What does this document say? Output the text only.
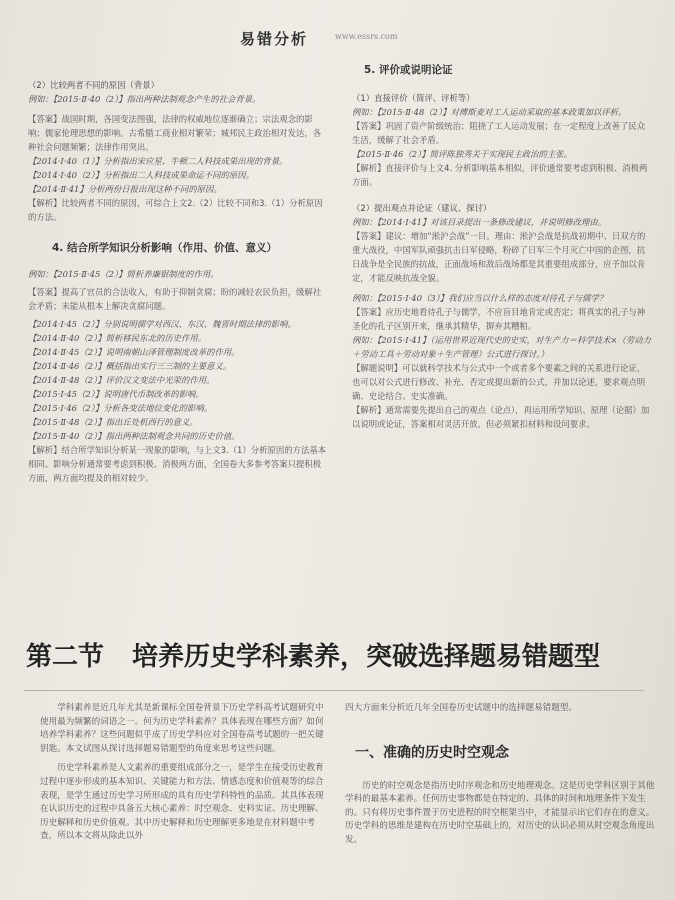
易错分析	www.essrs.com

（2）比较两者不同的原因（背景）

例如：【2015·Ⅱ·40（2）】指出两种法制观念产生的社会背景。

【答案】战国时期，各国变法图强，法律的权威地位逐渐确立；宗法观念的影响；儒家伦理思想的影响。古希腊工商业相对繁荣；城邦民主政治相对发达，各种社会问题频繁；法律作用突出。

【2014·Ⅰ·40（1）】分析指出宋应星、牛顿二人科技成果出现的背景。

【2014·Ⅰ·40（2）】分析指出二人科技成果命运不同的原因。

【2014·Ⅱ·41】分析两份日报出现这种不同的原因。

【解析】比较两者不同的原因，可综合上文2.（2）比较不同和3.（1）分析原因的方法。

4. 结合所学知识分析影响（作用、价值、意义）

例如：【2015·Ⅱ·45（2）】简析养廉银制度的作用。

【答案】提高了官员的合法收入，有助于抑制贪腐；盼的减轻农民负担，缓解社会矛盾；未能从根本上解决贪腐问题。

【2014·Ⅰ·45（2）】分别说明儒学对西汉、东汉、魏晋时期法律的影响。

【2014·Ⅱ·40（2）】简析移民东北的历史作用。

【2014·Ⅱ·45（2）】说明南朝山泽管理制度改革的作用。

【2014·Ⅱ·46（2）】概括指出实行三三制的主要意义。

【2014·Ⅱ·48（2）】评价汉文变法中光荣的作用。

【2015·Ⅰ·45（2）】说明唐代币制改革的影响。

【2015·Ⅰ·46（2）】分析各变法地位变化的影响。

【2015·Ⅱ·48（2）】指出丘处机西行的意义。

【2015·Ⅱ·40（2）】指出两种法制观念共同的历史价值。

【解析】结合所学知识分析某一现象的影响，与上文3.（1）分析原因的方法基本相同。影响分析通常要考虑到积极、消极两方面，全国卷大多参考答案只提积极方面，两方面均提及的相对较少。

5. 评价或说明论证

（1）直接评价（简评、评析等）

例如：【2015·Ⅱ·48（2）】对傅斯麦对工人运动采取的基本政策加以评析。

【答案】巩固了资产阶级统治；阻挠了工人运动发展；在一定程度上改善了民众生活，缓解了社会矛盾。

【2015·Ⅱ·46（2）】简评陈独秀关于实现民主政治的主张。

【解析】直接评价与上文4. 分析影响基本相似，评价通常要考虑到积极、消极两方面。

（2）提出观点并论证（建议、探讨）

例如：【2014·Ⅰ·41】对该目录提出一条修改建议，并说明修改理由。

【答案】建议：增加“淞沪会战”一目。理由：淞沪会战是抗战初期中、日双方的重大战役，中国军队顽强抗击日军侵略，粉碎了日军三个月灭亡中国的企图，抗日战争是全民族的抗战，正面战场和敌后战场都是其重要组成部分，应予加以肯定，才能反映抗战全貌。

例如：【2015·Ⅰ·40（3）】我们应当以什么样的态度对待孔子与儒学？

【答案】应历史地看待孔子与儒学，不应盲目地肯定或否定；将真实的孔子与神圣化的孔子区别开来，继承其精华，摒弃其糟粕。

例如：【2015·Ⅰ·41】（运用世界近现代史的史实，对生产力＝科学技术×（劳动力＋劳动工具＋劳动对象＋生产管理）公式进行探讨。）

【解题说明】可以就科学技术与公式中一个或者多个要素之间的关系进行论证，也可以对公式进行修改、补充、否定或提出新的公式，并加以论述，要求观点明确、史论结合、史实准确。

【解析】通常需要先提出自己的观点（论点），再运用所学知识、原理（论据）加以说明或论证，答案相对灵活开放，但必须紧扣材料和设问要求。

第二节 培养历史学科素养，突破选择题易错题型

学科素养是近几年尤其是新课标全国卷背景下历史学科高考试题研究中使用最为频繁的词语之一。何为历史学科素养？具体表现在哪些方面？如何培养学科素养？这些问题似乎成了历史学科应对全国卷高考试题的一把关键钥匙。本文试图从探讨选择题易错题型的角度来思考这些问题。

历史学科素养是人文素养的重要组成部分之一，是学生在接受历史教育过程中逐步形成的基本知识、关键能力和方法、情感态度和价值观等的综合表现，是学生通过历史学习所形成的具有历史学科特性的品质。其具体表现在认识历史的过程中具备五大核心素养：时空观念、史料实证、历史理解、历史解释和历史价值观。其中历史解释和历史理解更多地是在材料题中考查，所以本文将从除此以外

四大方面来分析近几年全国卷历史试题中的选择题易错题型。

一、准确的历史时空观念

历史的时空观念是指历史时序观念和历史地理观念。这是历史学科区别于其他学科的最基本素养。任何历史事物都是在特定的、具体的时间和地理条件下发生的。只有将历史事件置于历史进程的时空框架当中，才能显示出它们存在的意义。历史学科的思维是建构在历史时空基础上的，对历史的认识必须从时空观念角度出发。
